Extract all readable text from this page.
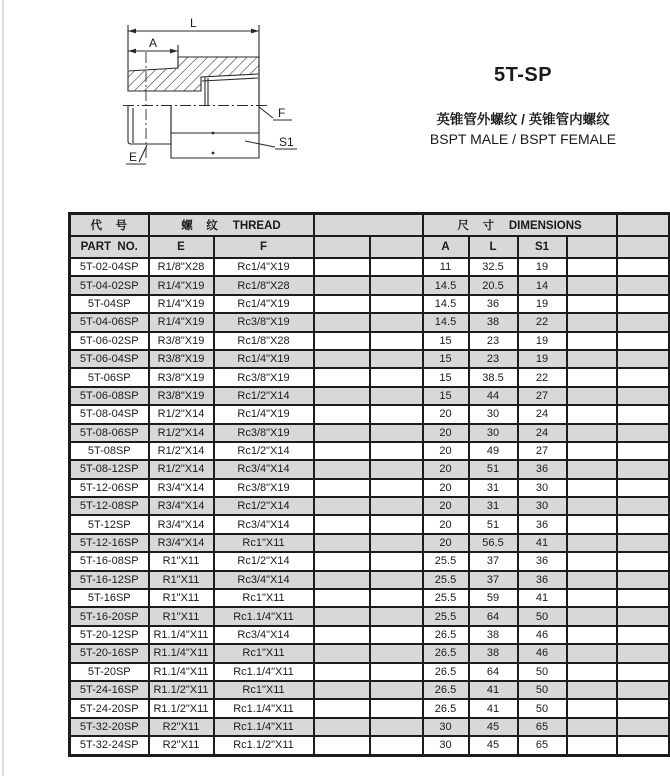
L
A
F
S1
E
5T-SP
英锥管外螺纹 / 英锥管内螺纹
BSPT MALE / BSPT FEMALE
代　号	螺　纹 THREAD				尺　寸 DIMENSIONS				
PART  NO.	E	F			A	L	S1		
5T-02-04SP	R1/8"X28	Rc1/4"X19			11	32.5	19		
5T-04-02SP	R1/4"X19	Rc1/8"X28			14.5	20.5	14		
5T-04SP	R1/4"X19	Rc1/4"X19			14.5	36	19		
5T-04-06SP	R1/4"X19	Rc3/8"X19			14.5	38	22		
5T-06-02SP	R3/8"X19	Rc1/8"X28			15	23	19		
5T-06-04SP	R3/8"X19	Rc1/4"X19			15	23	19		
5T-06SP	R3/8"X19	Rc3/8"X19			15	38.5	22		
5T-06-08SP	R3/8"X19	Rc1/2"X14			15	44	27		
5T-08-04SP	R1/2"X14	Rc1/4"X19			20	30	24		
5T-08-06SP	R1/2"X14	Rc3/8"X19			20	30	24		
5T-08SP	R1/2"X14	Rc1/2"X14			20	49	27		
5T-08-12SP	R1/2"X14	Rc3/4"X14			20	51	36		
5T-12-06SP	R3/4"X14	Rc3/8"X19			20	31	30		
5T-12-08SP	R3/4"X14	Rc1/2"X14			20	31	30		
5T-12SP	R3/4"X14	Rc3/4"X14			20	51	36		
5T-12-16SP	R3/4"X14	Rc1"X11			20	56.5	41		
5T-16-08SP	R1"X11	Rc1/2"X14			25.5	37	36		
5T-16-12SP	R1"X11	Rc3/4"X14			25.5	37	36		
5T-16SP	R1"X11	Rc1"X11			25.5	59	41		
5T-16-20SP	R1"X11	Rc1.1/4"X11			25.5	64	50		
5T-20-12SP	R1.1/4"X11	Rc3/4"X14			26.5	38	46		
5T-20-16SP	R1.1/4"X11	Rc1"X11			26.5	38	46		
5T-20SP	R1.1/4"X11	Rc1.1/4"X11			26.5	64	50		
5T-24-16SP	R1.1/2"X11	Rc1"X11			26.5	41	50		
5T-24-20SP	R1.1/2"X11	Rc1.1/4"X11			26.5	41	50		
5T-32-20SP	R2"X11	Rc1.1/4"X11			30	45	65		
5T-32-24SP	R2"X11	Rc1.1/2"X11			30	45	65		
